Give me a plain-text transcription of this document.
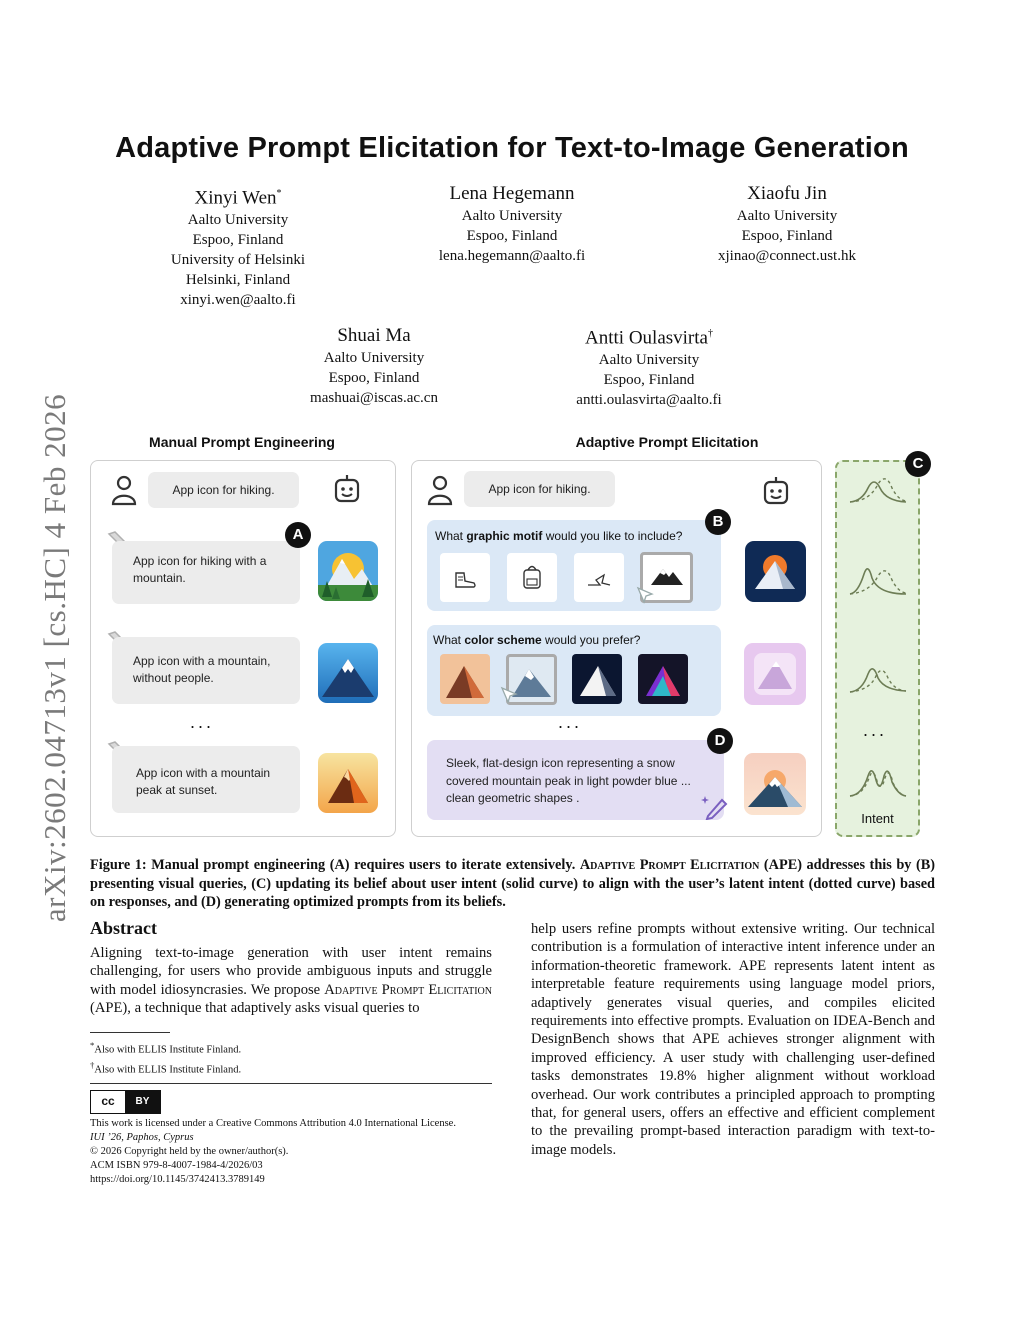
arXiv:2602.04713v1 [cs.HC] 4 Feb 2026
Adaptive Prompt Elicitation for Text-to-Image Generation
Xinyi Wen*
Aalto University
Espoo, Finland
University of Helsinki
Helsinki, Finland
xinyi.wen@aalto.fi
Lena Hegemann
Aalto University
Espoo, Finland
lena.hegemann@aalto.fi
Xiaofu Jin
Aalto University
Espoo, Finland
xjinao@connect.ust.hk
Shuai Ma
Aalto University
Espoo, Finland
mashuai@iscas.ac.cn
Antti Oulasvirta†
Aalto University
Espoo, Finland
antti.oulasvirta@aalto.fi
Manual Prompt Engineering	Adaptive Prompt Elicitation
App icon for hiking.
App icon for hiking with a mountain.
A
App icon with a mountain, without people.
...
App icon with a mountain peak at sunset.
App icon for hiking.
What graphic motif would you like to include?
B
What color scheme would you prefer?
...
Sleek, flat-design icon representing a snow covered mountain peak in light powder blue ... clean geometric shapes .
D
C
...
Intent
Figure 1: Manual prompt engineering (A) requires users to iterate extensively. Adaptive Prompt Elicitation (APE) addresses this by (B) presenting visual queries, (C) updating its belief about user intent (solid curve) to align with the user’s latent intent (dotted curve) based on responses, and (D) generating optimized prompts from its beliefs.
Abstract
Aligning text-to-image generation with user intent remains challenging, for users who provide ambiguous inputs and struggle with model idiosyncrasies. We propose Adaptive Prompt Elicitation (APE), a technique that adaptively asks visual queries to
help users refine prompts without extensive writing. Our technical contribution is a formulation of interactive intent inference under an information-theoretic framework. APE represents latent intent as interpretable feature requirements using language model priors, adaptively generates visual queries, and compiles elicited requirements into effective prompts. Evaluation on IDEA-Bench and DesignBench shows that APE achieves stronger alignment with improved efficiency. A user study with challenging user-defined tasks demonstrates 19.8% higher alignment without workload overhead. Our work contributes a principled approach to prompting that, for general users, offers an effective and efficient complement to the prevailing prompt-based interaction paradigm with text-to-image models.
*Also with ELLIS Institute Finland.
†Also with ELLIS Institute Finland.
cc	BY
This work is licensed under a Creative Commons Attribution 4.0 International License.
IUI ’26, Paphos, Cyprus
© 2026 Copyright held by the owner/author(s).
ACM ISBN 979-8-4007-1984-4/2026/03
https://doi.org/10.1145/3742413.3789149
